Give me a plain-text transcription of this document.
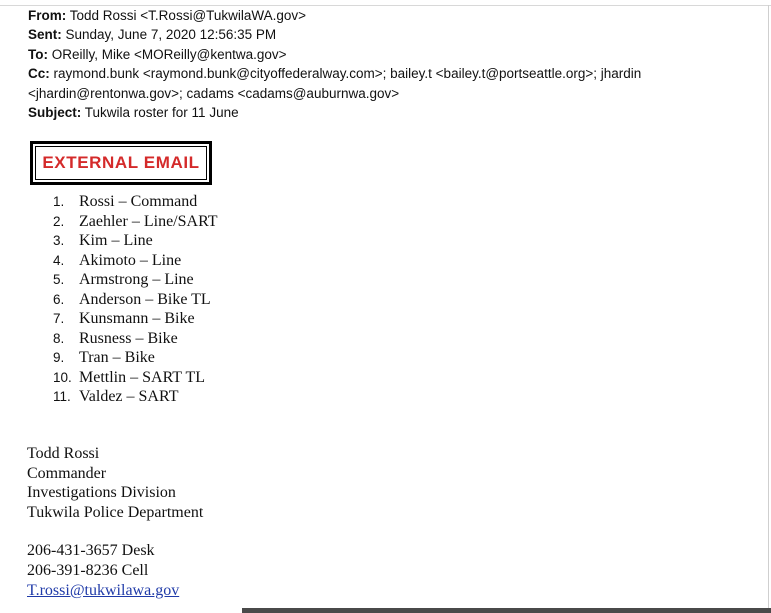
From: Todd Rossi <T.Rossi@TukwilaWA.gov>
Sent: Sunday, June 7, 2020 12:56:35 PM
To: OReilly, Mike <MOReilly@kentwa.gov>
Cc: raymond.bunk <raymond.bunk@cityoffederalway.com>; bailey.t <bailey.t@portseattle.org>; jhardin
<jhardin@rentonwa.gov>; cadams <cadams@auburnwa.gov>
Subject: Tukwila roster for 11 June
EXTERNAL EMAIL
1. Rossi – Command
2. Zaehler – Line/SART
3. Kim – Line
4. Akimoto – Line
5. Armstrong – Line
6. Anderson – Bike TL
7. Kunsmann – Bike
8. Rusness – Bike
9. Tran – Bike
10. Mettlin – SART TL
11. Valdez – SART
Todd Rossi
Commander
Investigations Division
Tukwila Police Department
206-431-3657 Desk
206-391-8236 Cell
T.rossi@tukwilawa.gov
